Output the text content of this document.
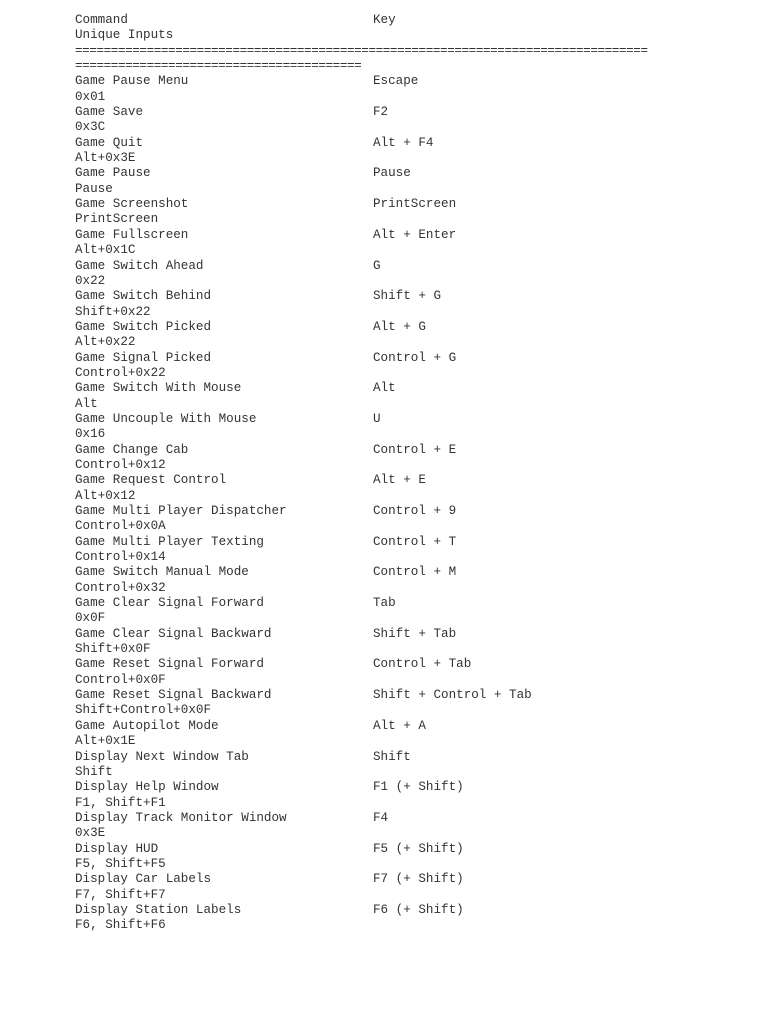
Command	Key
Unique Inputs
================================================================================
========================================
Game Pause Menu	Escape
0x01
Game Save	F2
0x3C
Game Quit	Alt + F4
Alt+0x3E
Game Pause	Pause
Pause
Game Screenshot	PrintScreen
PrintScreen
Game Fullscreen	Alt + Enter
Alt+0x1C
Game Switch Ahead	G
0x22
Game Switch Behind	Shift + G
Shift+0x22
Game Switch Picked	Alt + G
Alt+0x22
Game Signal Picked	Control + G
Control+0x22
Game Switch With Mouse	Alt
Alt
Game Uncouple With Mouse	U
0x16
Game Change Cab	Control + E
Control+0x12
Game Request Control	Alt + E
Alt+0x12
Game Multi Player Dispatcher	Control + 9
Control+0x0A
Game Multi Player Texting	Control + T
Control+0x14
Game Switch Manual Mode	Control + M
Control+0x32
Game Clear Signal Forward	Tab
0x0F
Game Clear Signal Backward	Shift + Tab
Shift+0x0F
Game Reset Signal Forward	Control + Tab
Control+0x0F
Game Reset Signal Backward	Shift + Control + Tab
Shift+Control+0x0F
Game Autopilot Mode	Alt + A
Alt+0x1E
Display Next Window Tab	Shift
Shift
Display Help Window	F1 (+ Shift)
F1, Shift+F1
Display Track Monitor Window	F4
0x3E
Display HUD	F5 (+ Shift)
F5, Shift+F5
Display Car Labels	F7 (+ Shift)
F7, Shift+F7
Display Station Labels	F6 (+ Shift)
F6, Shift+F6
